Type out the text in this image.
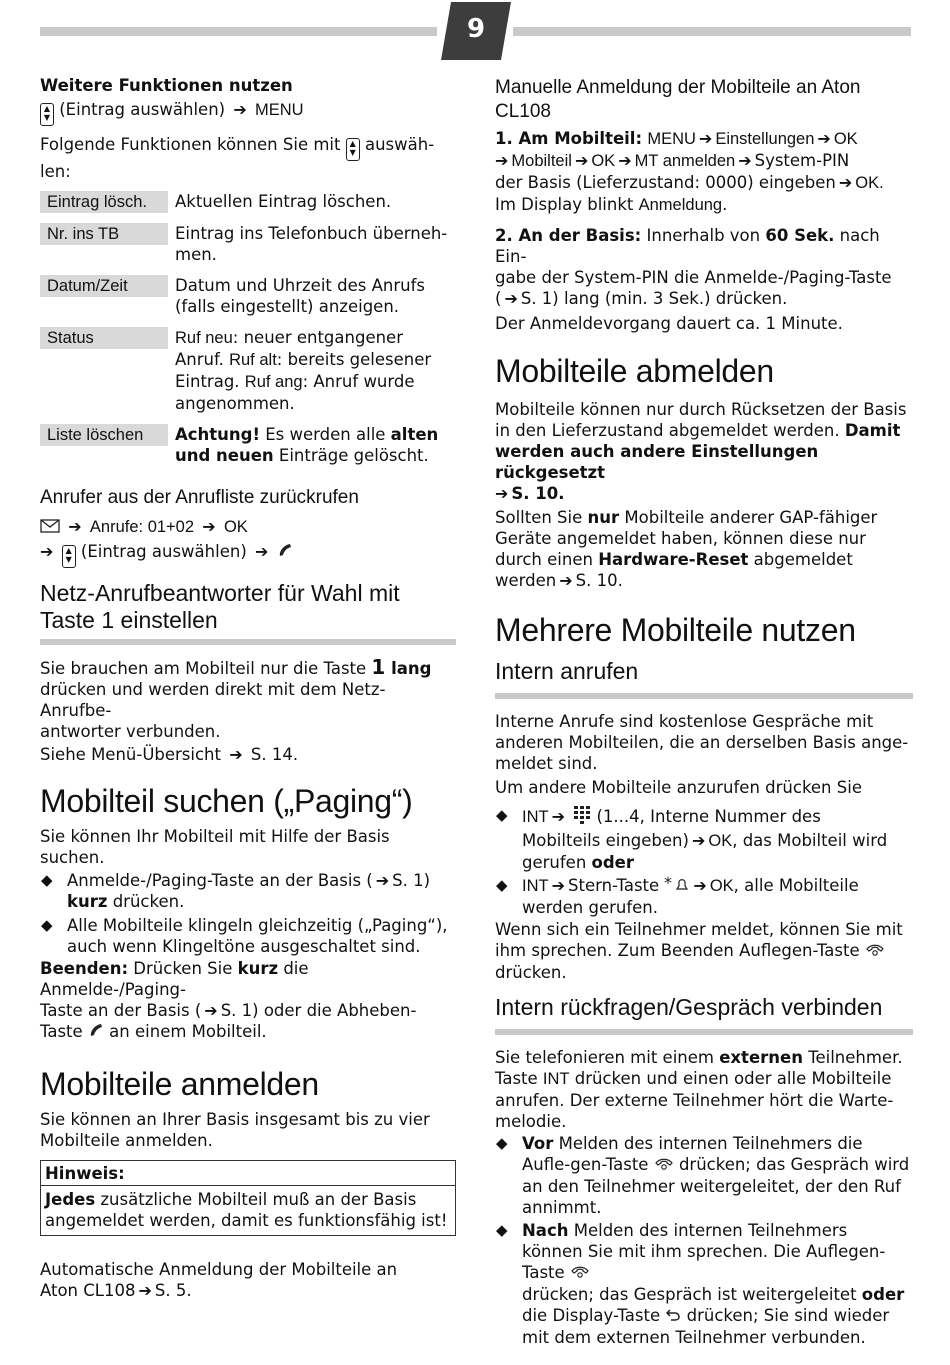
9

Weitere Funktionen nutzen

▲
▼ (Eintrag auswählen) ➔ MENU

Folgende Funktionen können Sie mit	▲
▼ auswäh-
len:

Eintrag lösch.	Aktuellen Eintrag löschen.

Nr. ins TB	Eintrag ins Telefonbuch überneh-men.

Datum/Zeit	Datum und Uhrzeit des Anrufs (falls eingestellt) anzeigen.

Status	Ruf neu: neuer entgangener Anruf. Ruf alt: bereits gelesener Eintrag. Ruf ang: Anruf wurde angenommen.

Liste löschen	Achtung! Es werden alle alten und neuen Einträge gelöscht.

Anrufer aus der Anrufliste zurückrufen

➔ Anrufe: 01+02 ➔ OK

➔	▲
▼ (Eintrag auswählen) ➔

Netz-Anrufbeantworter für Wahl mit
Taste 1 einstellen

Sie brauchen am Mobilteil nur die Taste 1 lang
drücken und werden direkt mit dem Netz-Anrufbe-
antworter verbunden.

Siehe Menü-Übersicht ➔ S. 14.

Mobilteil suchen („Paging“)

Sie können Ihr Mobilteil mit Hilfe der Basis suchen.

◆ Anmelde-/Paging-Taste an der Basis ( ➔ S. 1)
kurz drücken.
◆ Alle Mobilteile klingeln gleichzeitig („Paging“), auch wenn Klingeltöne ausgeschaltet sind.

Beenden: Drücken Sie kurz die Anmelde-/Paging-
Taste an der Basis ( ➔ S. 1) oder die Abheben-
Taste  an einem Mobilteil.

Mobilteile anmelden

Sie können an Ihrer Basis insgesamt bis zu vier Mobilteile anmelden.

Hinweis:

Jedes zusätzliche Mobilteil muß an der Basis angemeldet werden, damit es funktionsfähig ist!

Automatische Anmeldung der Mobilteile an
Aton CL108 ➔ S. 5.

Manuelle Anmeldung der Mobilteile an Aton CL108

1. Am Mobilteil: MENU ➔ Einstellungen ➔ OK
➔ Mobilteil ➔ OK ➔ MT anmelden ➔ System-PIN
der Basis (Lieferzustand: 0000) eingeben ➔ OK.
Im Display blinkt Anmeldung.

2. An der Basis: Innerhalb von 60 Sek. nach Ein-
gabe der System-PIN die Anmelde-/Paging-Taste
( ➔ S. 1) lang (min. 3 Sek.) drücken.

Der Anmeldevorgang dauert ca. 1 Minute.

Mobilteile abmelden

Mobilteile können nur durch Rücksetzen der Basis in den Lieferzustand abgemeldet werden. Damit werden auch andere Einstellungen rückgesetzt
➔ S. 10.

Sollten Sie nur Mobilteile anderer GAP-fähiger Geräte angemeldet haben, können diese nur durch einen Hardware-Reset abgemeldet
werden ➔ S. 10.

Mehrere Mobilteile nutzen

Intern anrufen

Interne Anrufe sind kostenlose Gespräche mit anderen Mobilteilen, die an derselben Basis ange-meldet sind.

Um andere Mobilteile anzurufen drücken Sie

◆ INT ➔  (1...4, Interne Nummer des
Mobilteils eingeben) ➔ OK, das Mobilteil wird
gerufen oder
◆ INT ➔ Stern-Taste * ➔ OK, alle Mobilteile
werden gerufen.

Wenn sich ein Teilnehmer meldet, können Sie mit ihm sprechen. Zum Beenden Auflegen-Taste
drücken.

Intern rückfragen/Gespräch verbinden

Sie telefonieren mit einem externen Teilnehmer.
Taste INT drücken und einen oder alle Mobilteile anrufen. Der externe Teilnehmer hört die Warte-melodie.

◆ Vor Melden des internen Teilnehmers die Aufle-gen-Taste  drücken; das Gespräch wird an den Teilnehmer weitergeleitet, der den Ruf annimmt.
◆ Nach Melden des internen Teilnehmers können Sie mit ihm sprechen. Die Auflegen-Taste
drücken; das Gespräch ist weitergeleitet oder
die Display-Taste  drücken; Sie sind wieder mit dem externen Teilnehmer verbunden.
